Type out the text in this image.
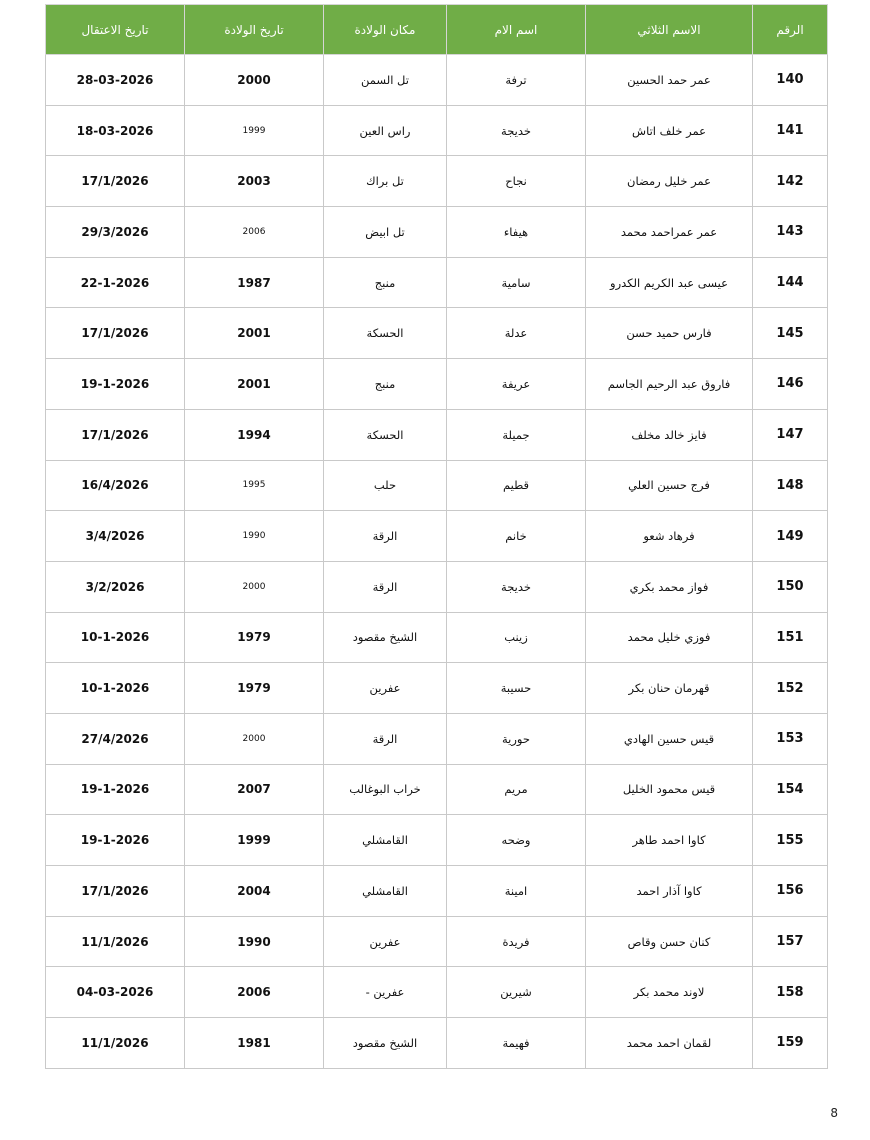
الرقم	الاسم الثلاثي	اسم الام	مكان الولادة	تاريخ الولادة	تاريخ الاعتقال
140	عمر حمد الحسين	ترفة	تل السمن	2000	28-03-2026
141	عمر خلف اتاش	خديجة	راس العين	1999	18-03-2026
142	عمر خليل رمضان	نجاح	تل براك	2003	17/1/2026
143	عمر عمراحمد محمد	هيفاء	تل ابيض	2006	29/3/2026
144	عيسى عبد الكريم الكدرو	سامية	منبج	1987	22-1-2026
145	فارس حميد حسن	عدلة	الحسكة	2001	17/1/2026
146	فاروق عبد الرحيم الجاسم	عريفة	منبج	2001	19-1-2026
147	فايز خالد مخلف	جميلة	الحسكة	1994	17/1/2026
148	فرج حسين العلي	قطيم	حلب	1995	16/4/2026
149	فرهاد شعو	خانم	الرقة	1990	3/4/2026
150	فواز محمد بكري	خديجة	الرقة	2000	3/2/2026
151	فوزي خليل محمد	زينب	الشيخ مقصود	1979	10-1-2026
152	قهرمان حنان بكر	حسيبة	عفرين	1979	10-1-2026
153	قيس حسين الهادي	حورية	الرقة	2000	27/4/2026
154	قيس محمود الخليل	مريم	خراب البوغالب	2007	19-1-2026
155	كاوا احمد طاهر	وضحه	القامشلي	1999	19-1-2026
156	كاوا آذار احمد	امينة	القامشلي	2004	17/1/2026
157	كنان حسن وقاص	فريدة	عفرين	1990	11/1/2026
158	لاوند محمد بكر	شيرين	عفرين -	2006	04-03-2026
159	لقمان احمد محمد	فهيمة	الشيخ مقصود	1981	11/1/2026
8
